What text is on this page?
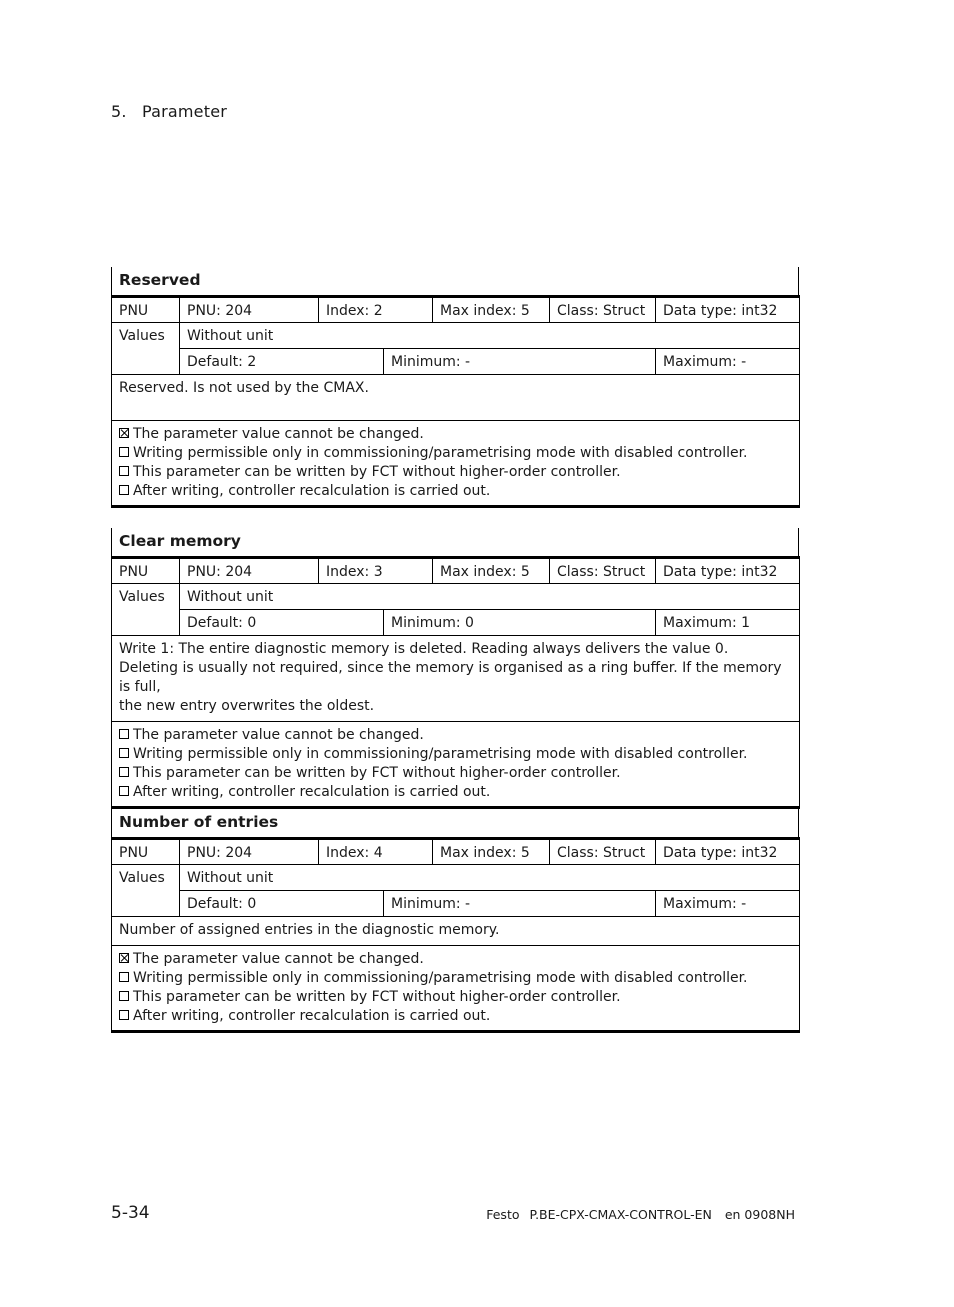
5. Parameter
Reserved
PNU	PNU: 204	Index: 2		Max index: 5	Class: Struct	Data type: int32
Values	Without unit					
	Default: 2		Minimum: -			Maximum: -

Reserved. Is not used by the CMAX.						

The parameter value cannot be changed.
Writing permissible only in commissioning/parametrising mode with disabled controller.
This parameter can be written by FCT without higher-order controller.
After writing, controller recalculation is carried out.						
Clear memory
PNU	PNU: 204	Index: 3		Max index: 5	Class: Struct	Data type: int32
Values	Without unit					
	Default: 0		Minimum: 0			Maximum: 1

Write 1: The entire diagnostic memory is deleted. Reading always delivers the value 0.
Deleting is usually not required, since the memory is organised as a ring buffer. If the memory is full,
the new entry overwrites the oldest.						

The parameter value cannot be changed.
Writing permissible only in commissioning/parametrising mode with disabled controller.
This parameter can be written by FCT without higher-order controller.
After writing, controller recalculation is carried out.						
Number of entries
PNU	PNU: 204	Index: 4		Max index: 5	Class: Struct	Data type: int32
Values	Without unit					
	Default: 0		Minimum: -			Maximum: -

Number of assigned entries in the diagnostic memory.						

The parameter value cannot be changed.
Writing permissible only in commissioning/parametrising mode with disabled controller.
This parameter can be written by FCT without higher-order controller.
After writing, controller recalculation is carried out.						
5-34	Festo P.BE-CPX-CMAX-CONTROL-EN en 0908NH
